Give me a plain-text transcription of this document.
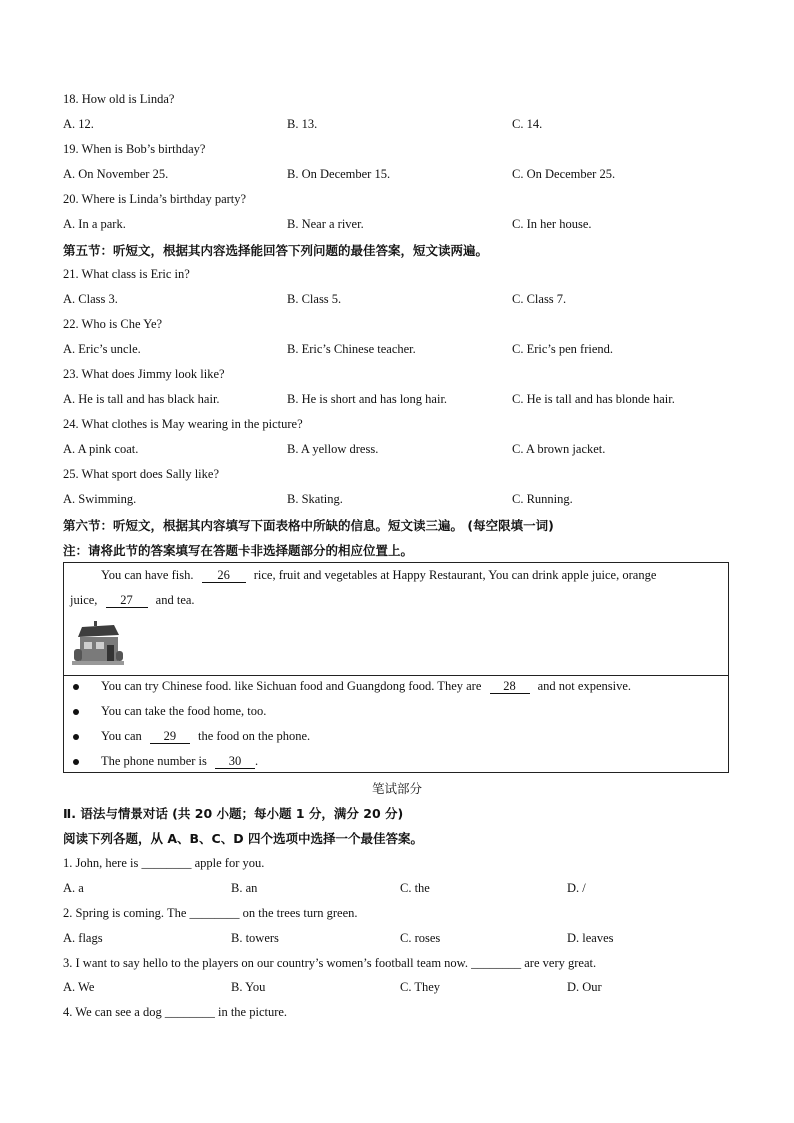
18. How old is Linda?
A. 12.	B. 13.	C. 14.
19. When is Bob’s birthday?
A. On November 25.	B. On December 15.	C. On December 25.
20. Where is Linda’s birthday party?
A. In a park.	B. Near a river.	C. In her house.
第五节：听短文，根据其内容选择能回答下列问题的最佳答案，短文读两遍。
21. What class is Eric in?
A. Class 3.	B. Class 5.	C. Class 7.
22. Who is Che Ye?
A. Eric’s uncle.	B. Eric’s Chinese teacher.	C. Eric’s pen friend.
23. What does Jimmy look like?
A. He is tall and has black hair.	B. He is short and has long hair.	C. He is tall and has blonde hair.
24. What clothes is May wearing in the picture?
A. A pink coat.	B. A yellow dress.	C. A brown jacket.
25. What sport does Sally like?
A. Swimming.	B. Skating.	C. Running.
第六节：听短文，根据其内容填写下面表格中所缺的信息。短文读三遍。 (每空限填一词)
注：请将此节的答案填写在答题卡非选择题部分的相应位置上。
You can have fish. 26 rice, fruit and vegetables at Happy Restaurant, You can drink apple juice, orange
juice, 27 and tea.
You can try Chinese food. like Sichuan food and Guangdong food. They are 28 and not expensive.
You can take the food home, too.
You can 29 the food on the phone.
The phone number is 30 .
笔试部分
Ⅱ. 语法与情景对话 (共 20 小题；每小题 1 分，满分 20 分)
阅读下列各题，从 A、B、C、D 四个选项中选择一个最佳答案。
1. John, here is ________ apple for you.
A. a	B. an	C. the	D. /
2. Spring is coming. The ________ on the trees turn green.
A. flags	B. towers	C. roses	D. leaves
3. I want to say hello to the players on our country’s women’s football team now. ________ are very great.
A. We	B. You	C. They	D. Our
4. We can see a dog ________ in the picture.
